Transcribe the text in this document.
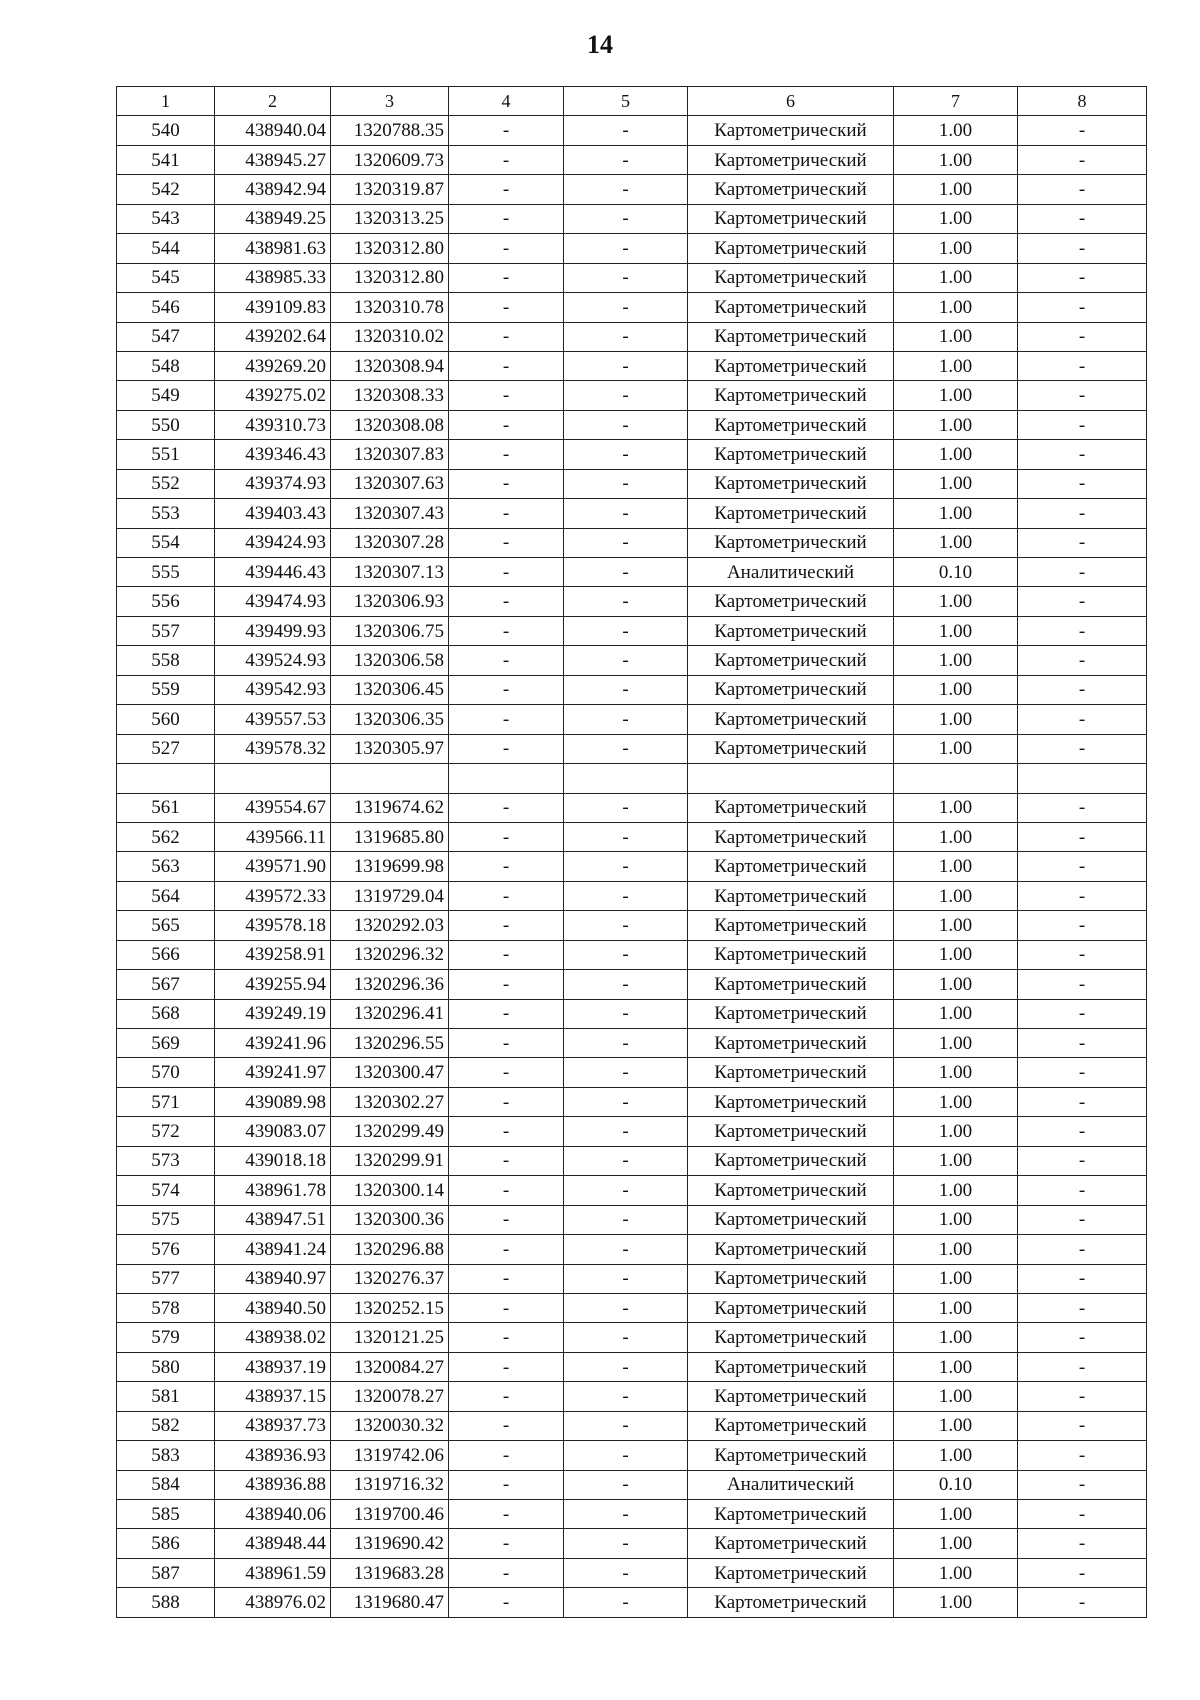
14
1	2	3	4	5	6	7	8
540	438940.04	1320788.35	-	-	Картометрический	1.00	-
541	438945.27	1320609.73	-	-	Картометрический	1.00	-
542	438942.94	1320319.87	-	-	Картометрический	1.00	-
543	438949.25	1320313.25	-	-	Картометрический	1.00	-
544	438981.63	1320312.80	-	-	Картометрический	1.00	-
545	438985.33	1320312.80	-	-	Картометрический	1.00	-
546	439109.83	1320310.78	-	-	Картометрический	1.00	-
547	439202.64	1320310.02	-	-	Картометрический	1.00	-
548	439269.20	1320308.94	-	-	Картометрический	1.00	-
549	439275.02	1320308.33	-	-	Картометрический	1.00	-
550	439310.73	1320308.08	-	-	Картометрический	1.00	-
551	439346.43	1320307.83	-	-	Картометрический	1.00	-
552	439374.93	1320307.63	-	-	Картометрический	1.00	-
553	439403.43	1320307.43	-	-	Картометрический	1.00	-
554	439424.93	1320307.28	-	-	Картометрический	1.00	-
555	439446.43	1320307.13	-	-	Аналитический	0.10	-
556	439474.93	1320306.93	-	-	Картометрический	1.00	-
557	439499.93	1320306.75	-	-	Картометрический	1.00	-
558	439524.93	1320306.58	-	-	Картометрический	1.00	-
559	439542.93	1320306.45	-	-	Картометрический	1.00	-
560	439557.53	1320306.35	-	-	Картометрический	1.00	-
527	439578.32	1320305.97	-	-	Картометрический	1.00	-

561	439554.67	1319674.62	-	-	Картометрический	1.00	-
562	439566.11	1319685.80	-	-	Картометрический	1.00	-
563	439571.90	1319699.98	-	-	Картометрический	1.00	-
564	439572.33	1319729.04	-	-	Картометрический	1.00	-
565	439578.18	1320292.03	-	-	Картометрический	1.00	-
566	439258.91	1320296.32	-	-	Картометрический	1.00	-
567	439255.94	1320296.36	-	-	Картометрический	1.00	-
568	439249.19	1320296.41	-	-	Картометрический	1.00	-
569	439241.96	1320296.55	-	-	Картометрический	1.00	-
570	439241.97	1320300.47	-	-	Картометрический	1.00	-
571	439089.98	1320302.27	-	-	Картометрический	1.00	-
572	439083.07	1320299.49	-	-	Картометрический	1.00	-
573	439018.18	1320299.91	-	-	Картометрический	1.00	-
574	438961.78	1320300.14	-	-	Картометрический	1.00	-
575	438947.51	1320300.36	-	-	Картометрический	1.00	-
576	438941.24	1320296.88	-	-	Картометрический	1.00	-
577	438940.97	1320276.37	-	-	Картометрический	1.00	-
578	438940.50	1320252.15	-	-	Картометрический	1.00	-
579	438938.02	1320121.25	-	-	Картометрический	1.00	-
580	438937.19	1320084.27	-	-	Картометрический	1.00	-
581	438937.15	1320078.27	-	-	Картометрический	1.00	-
582	438937.73	1320030.32	-	-	Картометрический	1.00	-
583	438936.93	1319742.06	-	-	Картометрический	1.00	-
584	438936.88	1319716.32	-	-	Аналитический	0.10	-
585	438940.06	1319700.46	-	-	Картометрический	1.00	-
586	438948.44	1319690.42	-	-	Картометрический	1.00	-
587	438961.59	1319683.28	-	-	Картометрический	1.00	-
588	438976.02	1319680.47	-	-	Картометрический	1.00	-
